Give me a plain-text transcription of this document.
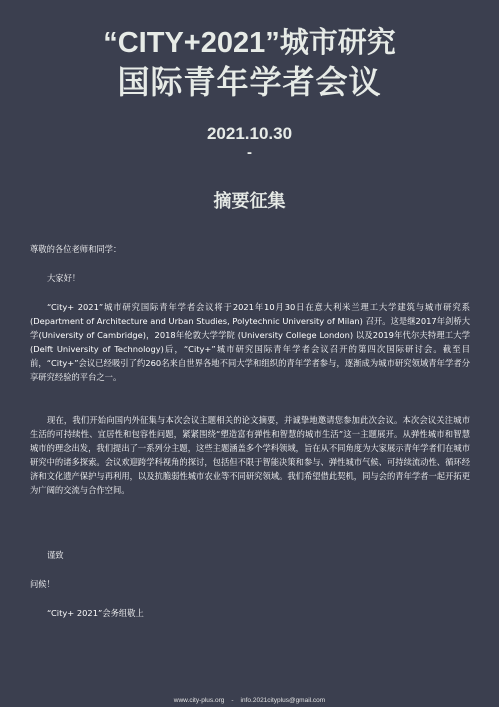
“CITY+2021”城市研究
国际青年学者会议
2021.10.30
-
摘要征集
尊敬的各位老师和同学：
大家好！
“City+ 2021”城市研究国际青年学者会议将于2021年10月30日在意大利米兰理工大学建筑与城市研究系 (Department of Architecture and Urban Studies, Polytechnic University of Milan) 召开。这是继2017年剑桥大学(University of Cambridge)，2018年伦敦大学学院 (University College London) 以及2019年代尔夫特理工大学(Delft University of Technology)后，“City+”城市研究国际青年学者会议召开的第四次国际研讨会。截至目前，“City+”会议已经吸引了约260名来自世界各地不同大学和组织的青年学者参与，逐渐成为城市研究领域青年学者分享研究经验的平台之一。
现在，我们开始向国内外征集与本次会议主题相关的论文摘要，并诚挚地邀请您参加此次会议。本次会议关注城市生活的可持续性、宜居性和包容性问题，紧紧围绕“塑造富有弹性和智慧的城市生活”这一主题展开。从弹性城市和智慧城市的理念出发，我们提出了一系列分主题，这些主题涵盖多个学科领域，旨在从不同角度为大家展示青年学者们在城市研究中的诸多探索。会议欢迎跨学科视角的探讨，包括但不限于智能决策和参与、弹性城市气候、可持续流动性、循环经济和文化遗产保护与再利用，以及抗脆弱性城市农业等不同研究领域。我们希望借此契机，同与会的青年学者一起开拓更为广阔的交流与合作空间。
谨致
问候！
“City+ 2021”会务组敬上
www.city-plus.org - info.2021cityplus@gmail.com
